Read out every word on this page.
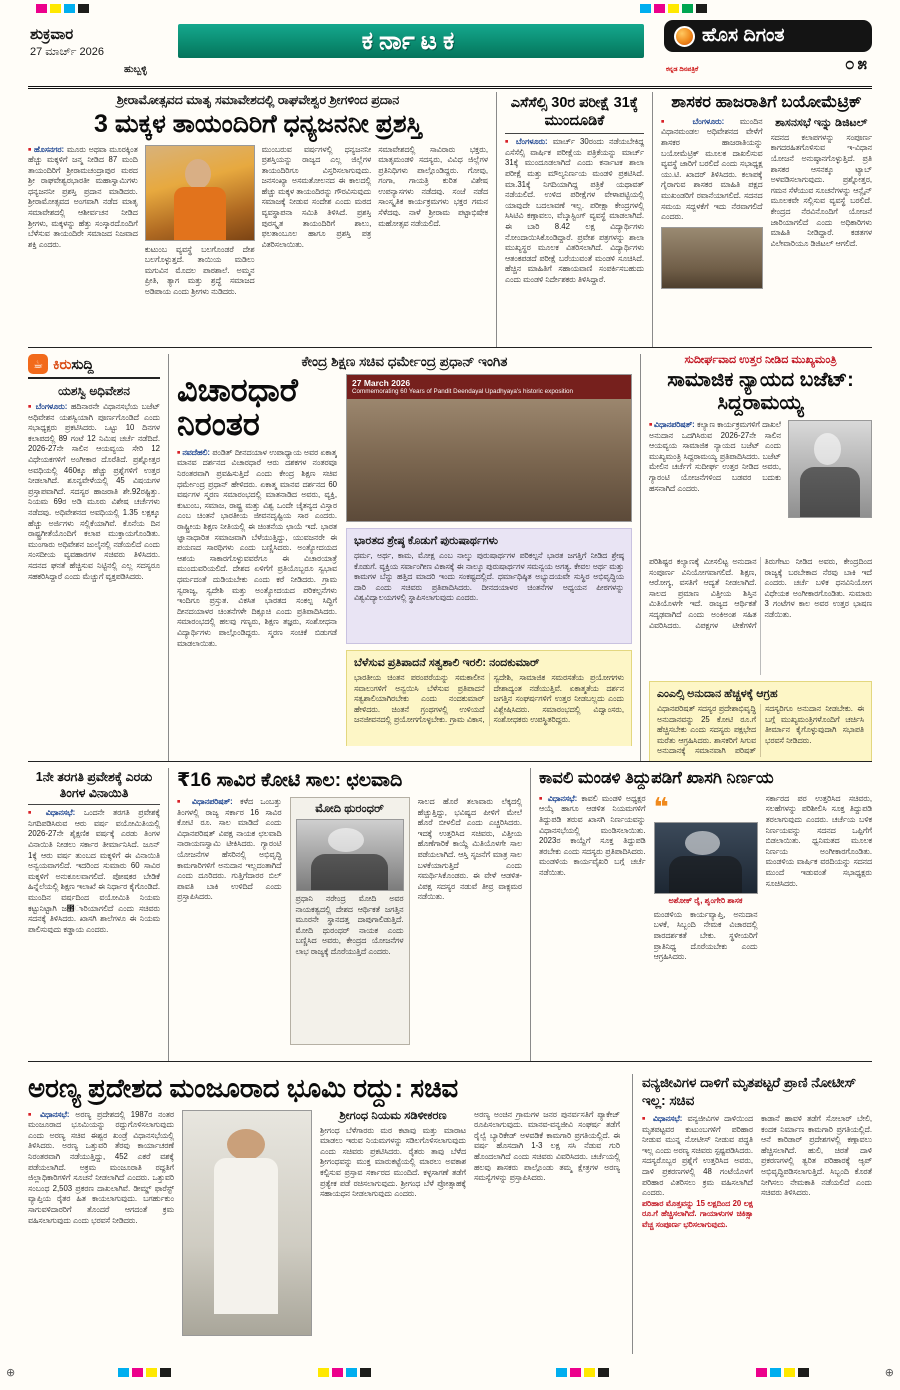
ಶುಕ್ರವಾರ
27 ಮಾರ್ಚ್ 2026
ಹುಬ್ಬಳ್ಳಿ
ಕರ್ನಾಟಕ	ಹೊಸ ದಿಗಂತ
ಕನ್ನಡ ದಿನಪತ್ರಿಕೆ	೦೫
ಶ್ರೀರಾಮೋತ್ಸವದ ಮಾತೃ ಸಮಾವೇಶದಲ್ಲಿ ರಾಘವೇಶ್ವರ ಶ್ರೀಗಳಿಂದ ಪ್ರದಾನ
3 ಮಕ್ಕಳ ತಾಯಂದಿರಿಗೆ ಧನ್ಯಜನನೀ ಪ್ರಶಸ್ತಿ

■ ಹೊಸನಗರ: ಮೂರು ಅಥವಾ ಮೂರಕ್ಕಿಂತ ಹೆಚ್ಚು ಮಕ್ಕಳಿಗೆ ಜನ್ಮ ನೀಡಿದ 87 ಮಂದಿ ತಾಯಂದಿರಿಗೆ ಶ್ರೀರಾಮಚಂದ್ರಾಪುರ ಮಠದ ಶ್ರೀ ರಾಘವೇಶ್ವರಭಾರತೀ ಮಹಾಸ್ವಾಮಿಗಳು ಧನ್ಯಜನನೀ ಪ್ರಶಸ್ತಿ ಪ್ರದಾನ ಮಾಡಿದರು. ಶ್ರೀರಾಮೋತ್ಸವದ ಅಂಗವಾಗಿ ನಡೆದ ಮಾತೃ ಸಮಾವೇಶದಲ್ಲಿ ಆಶೀರ್ವಚನ ನೀಡಿದ ಶ್ರೀಗಳು, ಮಕ್ಕಳನ್ನು ಹೆತ್ತು ಸಂಸ್ಕಾರದೊಂದಿಗೆ ಬೆಳೆಸುವ ತಾಯಂದಿರೇ ಸಮಾಜದ ನಿಜವಾದ ಶಕ್ತಿ ಎಂದರು.

ಕುಟುಂಬ ವ್ಯವಸ್ಥೆ ಬಲಗೊಂಡರೆ ದೇಶ ಬಲಗೊಳ್ಳುತ್ತದೆ. ತಾಯಿಯ ಮಡಿಲು ಮಗುವಿನ ಮೊದಲ ಪಾಠಶಾಲೆ. ಅಮ್ಮನ ಪ್ರೀತಿ, ತ್ಯಾಗ ಮತ್ತು ಶ್ರದ್ಧೆ ಸಮಾಜದ ಅಡಿಪಾಯ ಎಂದು ಶ್ರೀಗಳು ನುಡಿದರು.

ಮುಂಬರುವ ವರ್ಷಗಳಲ್ಲಿ ಧನ್ಯಜನನೀ ಪ್ರಶಸ್ತಿಯನ್ನು ರಾಜ್ಯದ ಎಲ್ಲ ಜಿಲ್ಲೆಗಳ ತಾಯಂದಿರಿಗೂ ವಿಸ್ತರಿಸಲಾಗುವುದು. ಜನಸಂಖ್ಯಾ ಅಸಮತೋಲನದ ಈ ಕಾಲದಲ್ಲಿ ಹೆಚ್ಚು ಮಕ್ಕಳ ತಾಯಂದಿರನ್ನು ಗೌರವಿಸುವುದು ಸಮಾಜಕ್ಕೆ ನೀಡುವ ಸಂದೇಶ ಎಂದು ಮಠದ ವ್ಯವಸ್ಥಾಪನಾ ಸಮಿತಿ ತಿಳಿಸಿದೆ. ಪ್ರಶಸ್ತಿ ಪುರಸ್ಕೃತ ತಾಯಂದಿರಿಗೆ ಶಾಲು, ಫಲತಾಂಬೂಲ ಹಾಗೂ ಪ್ರಶಸ್ತಿ ಪತ್ರ ವಿತರಿಸಲಾಯಿತು.

ಸಮಾವೇಶದಲ್ಲಿ ಸಾವಿರಾರು ಭಕ್ತರು, ಮಾತೃಮಂಡಳಿ ಸದಸ್ಯರು, ವಿವಿಧ ಜಿಲ್ಲೆಗಳ ಪ್ರತಿನಿಧಿಗಳು ಪಾಲ್ಗೊಂಡಿದ್ದರು. ಗೋವು, ಗಂಗಾ, ಗಾಯತ್ರಿ ಕುರಿತ ವಿಶೇಷ ಉಪನ್ಯಾಸಗಳು ನಡೆದವು. ಸಂಜೆ ನಡೆದ ಸಾಂಸ್ಕೃತಿಕ ಕಾರ್ಯಕ್ರಮಗಳು ಭಕ್ತರ ಗಮನ ಸೆಳೆದವು. ನಾಳೆ ಶ್ರೀರಾಮ ಪಟ್ಟಾಭಿಷೇಕ ಮಹೋತ್ಸವ ನಡೆಯಲಿದೆ.

ಎಸೆಸೆಲ್ಸಿ 30ರ ಪರೀಕ್ಷೆ 31ಕ್ಕೆ ಮುಂದೂಡಿಕೆ

■ ಬೆಂಗಳೂರು: ಮಾರ್ಚ್ 30ರಂದು ನಡೆಯಬೇಕಿದ್ದ ಎಸೆಸೆಲ್ಸಿ ವಾರ್ಷಿಕ ಪರೀಕ್ಷೆಯ ಪತ್ರಿಕೆಯನ್ನು ಮಾರ್ಚ್ 31ಕ್ಕೆ ಮುಂದೂಡಲಾಗಿದೆ ಎಂದು ಕರ್ನಾಟಕ ಶಾಲಾ ಪರೀಕ್ಷೆ ಮತ್ತು ಮೌಲ್ಯನಿರ್ಣಯ ಮಂಡಳಿ ಪ್ರಕಟಿಸಿದೆ. ಮಾ.31ಕ್ಕೆ ನಿಗದಿಯಾಗಿದ್ದ ಪತ್ರಿಕೆ ಯಥಾವತ್ ನಡೆಯಲಿದೆ. ಉಳಿದ ಪರೀಕ್ಷೆಗಳ ವೇಳಾಪಟ್ಟಿಯಲ್ಲಿ ಯಾವುದೇ ಬದಲಾವಣೆ ಇಲ್ಲ. ಪರೀಕ್ಷಾ ಕೇಂದ್ರಗಳಲ್ಲಿ ಸಿಸಿಟಿವಿ ಕಣ್ಗಾವಲು, ವೆಬ್ಕಾಸ್ಟಿಂಗ್ ವ್ಯವಸ್ಥೆ ಮಾಡಲಾಗಿದೆ. ಈ ಬಾರಿ 8.42 ಲಕ್ಷ ವಿದ್ಯಾರ್ಥಿಗಳು ನೋಂದಾಯಿಸಿಕೊಂಡಿದ್ದಾರೆ. ಪ್ರವೇಶ ಪತ್ರಗಳನ್ನು ಶಾಲಾ ಮುಖ್ಯಸ್ಥರ ಮೂಲಕ ವಿತರಿಸಲಾಗಿದೆ. ವಿದ್ಯಾರ್ಥಿಗಳು ಆತಂಕಪಡದೆ ಪರೀಕ್ಷೆ ಬರೆಯುವಂತೆ ಮಂಡಳಿ ಸೂಚಿಸಿದೆ. ಹೆಚ್ಚಿನ ಮಾಹಿತಿಗೆ ಸಹಾಯವಾಣಿ ಸಂಪರ್ಕಿಸಬಹುದು ಎಂದು ಮಂಡಳಿ ನಿರ್ದೇಶಕರು ತಿಳಿಸಿದ್ದಾರೆ.

ಶಾಸಕರ ಹಾಜರಾತಿಗೆ ಬಯೋಮೆಟ್ರಿಕ್

■ ಬೆಂಗಳೂರು: ಮುಂದಿನ ವಿಧಾನಮಂಡಲ ಅಧಿವೇಶನದ ವೇಳೆಗೆ ಶಾಸಕರ ಹಾಜರಾತಿಯನ್ನು ಬಯೋಮೆಟ್ರಿಕ್ ಮೂಲಕ ದಾಖಲಿಸುವ ವ್ಯವಸ್ಥೆ ಜಾರಿಗೆ ಬರಲಿದೆ ಎಂದು ಸಭಾಧ್ಯಕ್ಷ ಯು.ಟಿ. ಖಾದರ್ ತಿಳಿಸಿದರು. ಕಲಾಪಕ್ಕೆ ಗೈರಾಗುವ ಶಾಸಕರ ಮಾಹಿತಿ ಪಕ್ಷದ ಮುಖಂಡರಿಗೆ ರವಾನೆಯಾಗಲಿದೆ. ಸದನದ ಸಮಯ ಸದ್ಬಳಕೆಗೆ ಇದು ನೆರವಾಗಲಿದೆ ಎಂದರು.

ಶಾಸನಸಭೆ ಇನ್ನು ಡಿಜಿಟಲ್

ಸದನದ ಕಲಾಪಗಳನ್ನು ಸಂಪೂರ್ಣ ಕಾಗದರಹಿತಗೊಳಿಸುವ ಇ-ವಿಧಾನ ಯೋಜನೆ ಅನುಷ್ಠಾನಗೊಳ್ಳುತ್ತಿದೆ. ಪ್ರತಿ ಶಾಸಕರ ಆಸನಕ್ಕೂ ಟ್ಯಾಬ್ ಅಳವಡಿಸಲಾಗುವುದು. ಪ್ರಶ್ನೋತ್ತರ, ಗಮನ ಸೆಳೆಯುವ ಸೂಚನೆಗಳನ್ನು ಆನ್ಲೈನ್ ಮೂಲಕವೇ ಸಲ್ಲಿಸುವ ವ್ಯವಸ್ಥೆ ಬರಲಿದೆ. ಕೇಂದ್ರದ ನೆರವಿನೊಂದಿಗೆ ಯೋಜನೆ ಜಾರಿಯಾಗಲಿದೆ ಎಂದು ಅಧಿಕಾರಿಗಳು ಮಾಹಿತಿ ನೀಡಿದ್ದಾರೆ. ಕಡತಗಳ ವಿಲೇವಾರಿಯೂ ಡಿಜಿಟಲ್ ಆಗಲಿದೆ.

☕ ಕಿರುಸುದ್ದಿ
ಯಶಸ್ವಿ ಅಧಿವೇಶನ

■ ಬೆಂಗಳೂರು: ಹದಿನಾರನೇ ವಿಧಾನಸಭೆಯ ಬಜೆಟ್ ಅಧಿವೇಶನ ಯಶಸ್ವಿಯಾಗಿ ಪೂರ್ಣಗೊಂಡಿದೆ ಎಂದು ಸಭಾಧ್ಯಕ್ಷರು ಪ್ರಕಟಿಸಿದರು. ಒಟ್ಟು 10 ದಿನಗಳ ಕಲಾಪದಲ್ಲಿ 89 ಗಂಟೆ 12 ನಿಮಿಷ ಚರ್ಚೆ ನಡೆದಿದೆ. 2026-27ನೇ ಸಾಲಿನ ಆಯವ್ಯಯ ಸೇರಿ 12 ವಿಧೇಯಕಗಳಿಗೆ ಅಂಗೀಕಾರ ದೊರೆತಿದೆ. ಪ್ರಶ್ನೋತ್ತರ ಅವಧಿಯಲ್ಲಿ 460ಕ್ಕೂ ಹೆಚ್ಚು ಪ್ರಶ್ನೆಗಳಿಗೆ ಉತ್ತರ ನೀಡಲಾಗಿದೆ. ಶೂನ್ಯವೇಳೆಯಲ್ಲಿ 45 ವಿಷಯಗಳ ಪ್ರಸ್ತಾಪವಾಗಿದೆ. ಸದಸ್ಯರ ಹಾಜರಾತಿ ಶೇ.92ರಷ್ಟಿತ್ತು. ನಿಯಮ 69ರ ಅಡಿ ಮೂರು ವಿಶೇಷ ಚರ್ಚೆಗಳು ನಡೆದವು. ಅಧಿವೇಶನದ ಅವಧಿಯಲ್ಲಿ 1.35 ಲಕ್ಷಕ್ಕೂ ಹೆಚ್ಚು ಅರ್ಜಿಗಳು ಸಲ್ಲಿಕೆಯಾಗಿವೆ. ಕೊನೆಯ ದಿನ ರಾಷ್ಟ್ರಗೀತೆಯೊಂದಿಗೆ ಕಲಾಪ ಮುಕ್ತಾಯಗೊಂಡಿತು. ಮುಂಗಾರು ಅಧಿವೇಶನ ಜುಲೈನಲ್ಲಿ ನಡೆಯಲಿದೆ ಎಂದು ಸಂಸದೀಯ ವ್ಯವಹಾರಗಳ ಸಚಿವರು ತಿಳಿಸಿದರು. ಸದನದ ಘನತೆ ಹೆಚ್ಚಿಸುವ ನಿಟ್ಟಿನಲ್ಲಿ ಎಲ್ಲ ಸದಸ್ಯರೂ ಸಹಕರಿಸಿದ್ದಾರೆ ಎಂದು ಮೆಚ್ಚುಗೆ ವ್ಯಕ್ತಪಡಿಸಿದರು.

ಕೇಂದ್ರ ಶಿಕ್ಷಣ ಸಚಿವ ಧರ್ಮೇಂದ್ರ ಪ್ರಧಾನ್ ಇಂಗಿತ
ವಿಚಾರಧಾರೆ ನಿರಂತರ

■ ನವದೆಹಲಿ: ಪಂಡಿತ್ ದೀನದಯಾಳ ಉಪಾಧ್ಯಾಯ ಅವರ ಏಕಾತ್ಮ ಮಾನವ ದರ್ಶನದ ವಿಚಾರಧಾರೆ ಆರು ದಶಕಗಳ ನಂತರವೂ ನಿರಂತರವಾಗಿ ಪ್ರವಹಿಸುತ್ತಿದೆ ಎಂದು ಕೇಂದ್ರ ಶಿಕ್ಷಣ ಸಚಿವ ಧರ್ಮೇಂದ್ರ ಪ್ರಧಾನ್ ಹೇಳಿದರು. ಏಕಾತ್ಮ ಮಾನವ ದರ್ಶನದ 60 ವರ್ಷಗಳ ಸ್ಮರಣ ಸಮಾರಂಭದಲ್ಲಿ ಮಾತನಾಡಿದ ಅವರು, ವ್ಯಕ್ತಿ, ಕುಟುಂಬ, ಸಮಾಜ, ರಾಷ್ಟ್ರ ಮತ್ತು ವಿಶ್ವ ಒಂದೇ ಚೈತನ್ಯದ ವಿಸ್ತಾರ ಎಂಬ ಚಿಂತನೆ ಭಾರತೀಯ ಜೀವನದೃಷ್ಟಿಯ ಸಾರ ಎಂದರು. ರಾಷ್ಟ್ರೀಯ ಶಿಕ್ಷಣ ನೀತಿಯಲ್ಲಿ ಈ ಚಿಂತನೆಯ ಛಾಯೆ ಇದೆ. ಭಾರತ ಜ್ಞಾನಾಧಾರಿತ ಸಮಾಜವಾಗಿ ಬೆಳೆಯುತ್ತಿದ್ದು, ಯುವಜನರೇ ಈ ಪಯಣದ ಸಾರಥಿಗಳು ಎಂದು ಬಣ್ಣಿಸಿದರು. ಅಂತ್ಯೋದಯದ ಆಶಯ ಸಾಕಾರಗೊಳ್ಳುವವರೆಗೂ ಈ ವಿಚಾರಯಾತ್ರೆ ಮುಂದುವರಿಯಲಿದೆ. ದೇಶದ ಏಳಿಗೆಗೆ ಪ್ರತಿಯೊಬ್ಬರೂ ಸ್ವಭಾವ ಧರ್ಮದಂತೆ ದುಡಿಯಬೇಕು ಎಂದು ಕರೆ ನೀಡಿದರು. ಗ್ರಾಮ ಸ್ವರಾಜ್ಯ, ಸ್ವದೇಶಿ ಮತ್ತು ಅಂತ್ಯೋದಯದ ಪರಿಕಲ್ಪನೆಗಳು ಇಂದಿಗೂ ಪ್ರಸ್ತುತ. ವಿಕಸಿತ ಭಾರತದ ಸಂಕಲ್ಪ ಸಿದ್ಧಿಗೆ ದೀನದಯಾಳರ ಚಿಂತನೆಗಳೇ ದಿಕ್ಸೂಚಿ ಎಂದು ಪ್ರತಿಪಾದಿಸಿದರು. ಸಮಾರಂಭದಲ್ಲಿ ಹಲವು ಗಣ್ಯರು, ಶಿಕ್ಷಣ ತಜ್ಞರು, ಸಂಶೋಧನಾ ವಿದ್ಯಾರ್ಥಿಗಳು ಪಾಲ್ಗೊಂಡಿದ್ದರು. ಸ್ಮರಣ ಸಂಚಿಕೆ ಬಿಡುಗಡೆ ಮಾಡಲಾಯಿತು.

27 March 2026
Commemorating 60 Years of Pandit Deendayal Upadhyaya's historic exposition
ಭಾರತದ ಶ್ರೇಷ್ಠ ಕೊಡುಗೆ ಪುರುಷಾರ್ಥಗಳು

ಧರ್ಮ, ಅರ್ಥ, ಕಾಮ, ಮೋಕ್ಷ ಎಂಬ ನಾಲ್ಕು ಪುರುಷಾರ್ಥಗಳ ಪರಿಕಲ್ಪನೆ ಭಾರತ ಜಗತ್ತಿಗೆ ನೀಡಿದ ಶ್ರೇಷ್ಠ ಕೊಡುಗೆ. ವ್ಯಕ್ತಿಯ ಸರ್ವಾಂಗೀಣ ವಿಕಾಸಕ್ಕೆ ಈ ನಾಲ್ಕೂ ಪುರುಷಾರ್ಥಗಳ ಸಮನ್ವಯ ಅಗತ್ಯ. ಕೇವಲ ಅರ್ಥ ಮತ್ತು ಕಾಮಗಳ ಬೆನ್ನು ಹತ್ತಿದ ಮಾದರಿ ಇಂದು ಸಂಕಷ್ಟದಲ್ಲಿದೆ. ಧರ್ಮಾಧಿಷ್ಠಿತ ಅಭ್ಯುದಯವೇ ಸುಸ್ಥಿರ ಅಭಿವೃದ್ಧಿಯ ದಾರಿ ಎಂದು ಸಚಿವರು ಪ್ರತಿಪಾದಿಸಿದರು. ದೀನದಯಾಳರ ಚಿಂತನೆಗಳ ಅಧ್ಯಯನ ಪೀಠಗಳನ್ನು ವಿಶ್ವವಿದ್ಯಾಲಯಗಳಲ್ಲಿ ಸ್ಥಾಪಿಸಲಾಗುವುದು ಎಂದರು.

ಬೆಳೆಸುವ ಪ್ರತಿಪಾದನೆ ಸತ್ವಶಾಲಿ ಇರಲಿ: ನಂದಕುಮಾರ್

ಭಾರತೀಯ ಚಿಂತನ ಪರಂಪರೆಯನ್ನು ಸಮಕಾಲೀನ ಸವಾಲುಗಳಿಗೆ ಅನ್ವಯಿಸಿ ಬೆಳೆಸುವ ಪ್ರತಿಪಾದನೆ ಸತ್ವಶಾಲಿಯಾಗಿರಬೇಕು ಎಂದು ನಂದಕುಮಾರ್ ಹೇಳಿದರು. ಚಿಂತನೆ ಗ್ರಂಥಗಳಲ್ಲಿ ಉಳಿಯದೆ ಜನಜೀವನದಲ್ಲಿ ಪ್ರಯೋಗಗೊಳ್ಳಬೇಕು. ಗ್ರಾಮ ವಿಕಾಸ, ಸ್ವದೇಶಿ, ಸಾಮಾಜಿಕ ಸಮರಸತೆಯ ಪ್ರಯೋಗಗಳು ದೇಶಾದ್ಯಂತ ನಡೆಯುತ್ತಿವೆ. ಏಕಾತ್ಮತೆಯ ದರ್ಶನ ಜಗತ್ತಿನ ಸಂಘರ್ಷಗಳಿಗೆ ಉತ್ತರ ನೀಡಬಲ್ಲದು ಎಂದು ವಿಶ್ಲೇಷಿಸಿದರು. ಸಮಾರಂಭದಲ್ಲಿ ವಿದ್ವಾಂಸರು, ಸಂಶೋಧಕರು ಉಪಸ್ಥಿತರಿದ್ದರು.

ಸುದೀರ್ಘವಾದ ಉತ್ತರ ನೀಡಿದ ಮುಖ್ಯಮಂತ್ರಿ
ಸಾಮಾಜಿಕ ನ್ಯಾಯದ ಬಜೆಟ್: ಸಿದ್ದರಾಮಯ್ಯ

■ ವಿಧಾನಪರಿಷತ್: ಕಲ್ಯಾಣ ಕಾರ್ಯಕ್ರಮಗಳಿಗೆ ದಾಖಲೆ ಅನುದಾನ ಒದಗಿಸಿರುವ 2026-27ನೇ ಸಾಲಿನ ಆಯವ್ಯಯ ಸಾಮಾಜಿಕ ನ್ಯಾಯದ ಬಜೆಟ್ ಎಂದು ಮುಖ್ಯಮಂತ್ರಿ ಸಿದ್ದರಾಮಯ್ಯ ಪ್ರತಿಪಾದಿಸಿದರು. ಬಜೆಟ್ ಮೇಲಿನ ಚರ್ಚೆಗೆ ಸುದೀರ್ಘ ಉತ್ತರ ನೀಡಿದ ಅವರು, ಗ್ಯಾರಂಟಿ ಯೋಜನೆಗಳಿಂದ ಬಡವರ ಬದುಕು ಹಸನಾಗಿದೆ ಎಂದರು.

ಪರಿಶಿಷ್ಟರ ಕಲ್ಯಾಣಕ್ಕೆ ಮೀಸಲಿಟ್ಟ ಅನುದಾನ ಸಂಪೂರ್ಣ ವಿನಿಯೋಗವಾಗಲಿದೆ. ಶಿಕ್ಷಣ, ಆರೋಗ್ಯ, ವಸತಿಗೆ ಆದ್ಯತೆ ನೀಡಲಾಗಿದೆ. ಸಾಲದ ಪ್ರಮಾಣ ವಿತ್ತೀಯ ಶಿಸ್ತಿನ ಮಿತಿಯೊಳಗೇ ಇದೆ. ರಾಜ್ಯದ ಆರ್ಥಿಕತೆ ಸದೃಢವಾಗಿದೆ ಎಂದು ಅಂಕಿಅಂಶ ಸಹಿತ ವಿವರಿಸಿದರು. ವಿಪಕ್ಷಗಳ ಟೀಕೆಗಳಿಗೆ ತಿರುಗೇಟು ನೀಡಿದ ಅವರು, ಕೇಂದ್ರದಿಂದ ರಾಜ್ಯಕ್ಕೆ ಬರಬೇಕಾದ ನೆರವು ಬಾಕಿ ಇದೆ ಎಂದರು. ಚರ್ಚೆ ಬಳಿಕ ಧನವಿನಿಯೋಗ ವಿಧೇಯಕ ಅಂಗೀಕಾರಗೊಂಡಿತು. ಸುಮಾರು 3 ಗಂಟೆಗಳ ಕಾಲ ಅವರ ಉತ್ತರ ಭಾಷಣ ನಡೆಯಿತು.

ಎಂಎಲ್ಸಿ ಅನುದಾನ ಹೆಚ್ಚಳಕ್ಕೆ ಆಗ್ರಹ

ವಿಧಾನಪರಿಷತ್ ಸದಸ್ಯರ ಪ್ರದೇಶಾಭಿವೃದ್ಧಿ ಅನುದಾನವನ್ನು 25 ಕೋಟಿ ರೂ.ಗೆ ಹೆಚ್ಚಿಸಬೇಕು ಎಂದು ಸದಸ್ಯರು ಪಕ್ಷಭೇದ ಮರೆತು ಆಗ್ರಹಿಸಿದರು. ಶಾಸಕರಿಗೆ ಸಿಗುವ ಅನುದಾನಕ್ಕೆ ಸಮಾನವಾಗಿ ಪರಿಷತ್ ಸದಸ್ಯರಿಗೂ ಅನುದಾನ ನೀಡಬೇಕು. ಈ ಬಗ್ಗೆ ಮುಖ್ಯಮಂತ್ರಿಗಳೊಂದಿಗೆ ಚರ್ಚಿಸಿ ತೀರ್ಮಾನ ಕೈಗೊಳ್ಳುವುದಾಗಿ ಸಭಾಪತಿ ಭರವಸೆ ನೀಡಿದರು.

1ನೇ ತರಗತಿ ಪ್ರವೇಶಕ್ಕೆ ಎರಡು ತಿಂಗಳ ವಿನಾಯಿತಿ

■ ವಿಧಾನಸಭೆ: ಒಂದನೇ ತರಗತಿ ಪ್ರವೇಶಕ್ಕೆ ನಿಗದಿಪಡಿಸಿರುವ ಆರು ವರ್ಷ ವಯೋಮಿತಿಯಲ್ಲಿ 2026-27ನೇ ಶೈಕ್ಷಣಿಕ ವರ್ಷಕ್ಕೆ ಎರಡು ತಿಂಗಳ ವಿನಾಯಿತಿ ನೀಡಲು ಸರ್ಕಾರ ತೀರ್ಮಾನಿಸಿದೆ. ಜೂನ್ 1ಕ್ಕೆ ಆರು ವರ್ಷ ತುಂಬದ ಮಕ್ಕಳಿಗೆ ಈ ವಿನಾಯಿತಿ ಅನ್ವಯವಾಗಲಿದೆ. ಇದರಿಂದ ಸುಮಾರು 60 ಸಾವಿರ ಮಕ್ಕಳಿಗೆ ಅನುಕೂಲವಾಗಲಿದೆ. ಪೋಷಕರ ಬೇಡಿಕೆ ಹಿನ್ನೆಲೆಯಲ್ಲಿ ಶಿಕ್ಷಣ ಇಲಾಖೆ ಈ ನಿರ್ಧಾರ ಕೈಗೊಂಡಿದೆ. ಮುಂದಿನ ವರ್ಷದಿಂದ ವಯೋಮಿತಿ ನಿಯಮ ಕಟ್ಟುನಿಟ್ಟಾಗಿ ಜ಻ಾರಿಯಾಗಲಿದೆ ಎಂದು ಸಚಿವರು ಸದನಕ್ಕೆ ತಿಳಿಸಿದರು. ಖಾಸಗಿ ಶಾಲೆಗಳೂ ಈ ನಿಯಮ ಪಾಲಿಸುವುದು ಕಡ್ಡಾಯ ಎಂದರು.

₹16 ಸಾವಿರ ಕೋಟಿ ಸಾಲ: ಛಲವಾದಿ

■ ವಿಧಾನಪರಿಷತ್: ಕಳೆದ ಒಂಬತ್ತು ತಿಂಗಳಲ್ಲಿ ರಾಜ್ಯ ಸರ್ಕಾರ 16 ಸಾವಿರ ಕೋಟಿ ರೂ. ಸಾಲ ಮಾಡಿದೆ ಎಂದು ವಿಧಾನಪರಿಷತ್ ವಿಪಕ್ಷ ನಾಯಕ ಛಲವಾದಿ ನಾರಾಯಣಸ್ವಾಮಿ ಟೀಕಿಸಿದರು. ಗ್ಯಾರಂಟಿ ಯೋಜನೆಗಳ ಹೆಸರಿನಲ್ಲಿ ಅಭಿವೃದ್ಧಿ ಕಾಮಗಾರಿಗಳಿಗೆ ಅನುದಾನ ಇಲ್ಲದಂತಾಗಿದೆ ಎಂದು ದೂರಿದರು. ಗುತ್ತಿಗೆದಾರರ ಬಿಲ್ ಪಾವತಿ ಬಾಕಿ ಉಳಿದಿದೆ ಎಂದು ಪ್ರಸ್ತಾಪಿಸಿದರು.

ಮೋದಿ ಥುರಂಧರ್

ಪ್ರಧಾನಿ ನರೇಂದ್ರ ಮೋದಿ ಅವರ ನಾಯಕತ್ವದಲ್ಲಿ ದೇಶದ ಆರ್ಥಿಕತೆ ಜಗತ್ತಿನ ಮೂರನೇ ಸ್ಥಾನದತ್ತ ದಾಪುಗಾಲಿಡುತ್ತಿದೆ. ಮೋದಿ ಥುರಂಧರ್ ನಾಯಕ ಎಂದು ಬಣ್ಣಿಸಿದ ಅವರು, ಕೇಂದ್ರದ ಯೋಜನೆಗಳ ಲಾಭ ರಾಜ್ಯಕ್ಕೆ ದೊರೆಯುತ್ತಿದೆ ಎಂದರು.

ಸಾಲದ ಹೊರೆ ತಲಾವಾರು ಲೆಕ್ಕದಲ್ಲಿ ಹೆಚ್ಚುತ್ತಿದ್ದು, ಭವಿಷ್ಯದ ಪೀಳಿಗೆ ಮೇಲೆ ಹೊರೆ ಬೀಳಲಿದೆ ಎಂದು ಎಚ್ಚರಿಸಿದರು. ಇದಕ್ಕೆ ಉತ್ತರಿಸಿದ ಸಚಿವರು, ವಿತ್ತೀಯ ಹೊಣೆಗಾರಿಕೆ ಕಾಯ್ದೆ ಮಿತಿಯೊಳಗೇ ಸಾಲ ಪಡೆಯಲಾಗಿದೆ. ಆಸ್ತಿ ಸೃಜನೆಗೆ ಮಾತ್ರ ಸಾಲ ಬಳಕೆಯಾಗುತ್ತಿದೆ ಎಂದು ಸಮರ್ಥಿಸಿಕೊಂಡರು. ಈ ವೇಳೆ ಆಡಳಿತ-ವಿಪಕ್ಷ ಸದಸ್ಯರ ನಡುವೆ ತೀವ್ರ ವಾಕ್ಸಮರ ನಡೆಯಿತು.

ಕಾವಲಿ ಮಂಡಳಿ ತಿದ್ದುಪಡಿಗೆ ಖಾಸಗಿ ನಿರ್ಣಯ

■ ವಿಧಾನಸಭೆ: ಕಾವಲಿ ಮಂಡಳಿ ಅಧ್ಯಕ್ಷರ ಆಯ್ಕೆ ಹಾಗೂ ಆಡಳಿತ ನಿಯಮಗಳಿಗೆ ತಿದ್ದುಪಡಿ ತರುವ ಖಾಸಗಿ ನಿರ್ಣಯವನ್ನು ವಿಧಾನಸಭೆಯಲ್ಲಿ ಮಂಡಿಸಲಾಯಿತು. 2023ರ ಕಾಯ್ದೆಗೆ ಸೂಕ್ತ ತಿದ್ದುಪಡಿ ತರಬೇಕು ಎಂದು ಸದಸ್ಯರು ಪ್ರತಿಪಾದಿಸಿದರು. ಮಂಡಳಿಯ ಕಾರ್ಯವೈಖರಿ ಬಗ್ಗೆ ಚರ್ಚೆ ನಡೆಯಿತು.

❝
ಅಶೋಕ್ ರೈ, ಶೃಂಗೇರಿ ಶಾಸಕ

ಮಂಡಳಿಯ ಕಾರ್ಯವ್ಯಾಪ್ತಿ, ಅನುದಾನ ಬಳಕೆ, ಸಿಬ್ಬಂದಿ ನೇಮಕ ವಿಚಾರದಲ್ಲಿ ಪಾರದರ್ಶಕತೆ ಬೇಕು. ಸ್ಥಳೀಯರಿಗೆ ಪ್ರಾತಿನಿಧ್ಯ ದೊರೆಯಬೇಕು ಎಂದು ಆಗ್ರಹಿಸಿದರು.

ಸರ್ಕಾರದ ಪರ ಉತ್ತರಿಸಿದ ಸಚಿವರು, ಸಲಹೆಗಳನ್ನು ಪರಿಶೀಲಿಸಿ ಸೂಕ್ತ ತಿದ್ದುಪಡಿ ತರಲಾಗುವುದು ಎಂದರು. ಚರ್ಚೆಯ ಬಳಿಕ ನಿರ್ಣಯವನ್ನು ಸದನದ ಒಪ್ಪಿಗೆಗೆ ಬಿಡಲಾಯಿತು. ಧ್ವನಿಮತದ ಮೂಲಕ ನಿರ್ಣಯ ಅಂಗೀಕಾರಗೊಂಡಿತು. ಮಂಡಳಿಯ ವಾರ್ಷಿಕ ವರದಿಯನ್ನು ಸದನದ ಮುಂದೆ ಇಡುವಂತೆ ಸಭಾಧ್ಯಕ್ಷರು ಸೂಚಿಸಿದರು.

ಅರಣ್ಯ ಪ್ರದೇಶದ ಮಂಜೂರಾದ ಭೂಮಿ ರದ್ದು: ಸಚಿವ

■ ವಿಧಾನಸಭೆ: ಅರಣ್ಯ ಪ್ರದೇಶದಲ್ಲಿ 1987ರ ನಂತರ ಮಂಜೂರಾದ ಭೂಮಿಯನ್ನು ರದ್ದುಗೊಳಿಸಲಾಗುವುದು ಎಂದು ಅರಣ್ಯ ಸಚಿವ ಈಶ್ವರ ಖಂಡ್ರೆ ವಿಧಾನಸಭೆಯಲ್ಲಿ ತಿಳಿಸಿದರು. ಅರಣ್ಯ ಒತ್ತುವರಿ ತೆರವು ಕಾರ್ಯಾಚರಣೆ ನಿರಂತರವಾಗಿ ನಡೆಯುತ್ತಿದ್ದು, 452 ಎಕರೆ ವಶಕ್ಕೆ ಪಡೆಯಲಾಗಿದೆ. ಅಕ್ರಮ ಮಂಜೂರಾತಿ ರದ್ದತಿಗೆ ಜಿಲ್ಲಾಧಿಕಾರಿಗಳಿಗೆ ಸೂಚನೆ ನೀಡಲಾಗಿದೆ ಎಂದರು. ಒತ್ತುವರಿ ಸಂಬಂಧ 2,503 ಪ್ರಕರಣ ದಾಖಲಾಗಿವೆ. ಡೀಮ್ಡ್ ಫಾರೆಸ್ಟ್ ವ್ಯಾಪ್ತಿಯ ರೈತರ ಹಿತ ಕಾಯಲಾಗುವುದು. ಬಗರ್ಹುಕುಂ ಸಾಗುವಳಿದಾರರಿಗೆ ತೊಂದರೆ ಆಗದಂತೆ ಕ್ರಮ ವಹಿಸಲಾಗುವುದು ಎಂದು ಭರವಸೆ ನೀಡಿದರು.

ಶ್ರೀಗಂಧ ನಿಯಮ ಸಡಿಳೀಕರಣ

ಶ್ರೀಗಂಧ ಬೆಳೆಗಾರರು ಮರ ಕಟಾವು ಮತ್ತು ಮಾರಾಟ ಮಾಡಲು ಇರುವ ನಿಯಮಗಳನ್ನು ಸಡಿಲಗೊಳಿಸಲಾಗುವುದು ಎಂದು ಸಚಿವರು ಪ್ರಕಟಿಸಿದರು. ರೈತರು ತಾವು ಬೆಳೆದ ಶ್ರೀಗಂಧವನ್ನು ಮುಕ್ತ ಮಾರುಕಟ್ಟೆಯಲ್ಲಿ ಮಾರಲು ಅವಕಾಶ ಕಲ್ಪಿಸುವ ಪ್ರಸ್ತಾವ ಸರ್ಕಾರದ ಮುಂದಿದೆ. ಕಳ್ಳಸಾಗಣೆ ತಡೆಗೆ ಪ್ರತ್ಯೇಕ ಪಡೆ ರಚಿಸಲಾಗುವುದು. ಶ್ರೀಗಂಧ ಬೆಳೆ ಪ್ರೋತ್ಸಾಹಕ್ಕೆ ಸಹಾಯಧನ ನೀಡಲಾಗುವುದು ಎಂದರು.

ಅರಣ್ಯ ಅಂಚಿನ ಗ್ರಾಮಗಳ ಜನರ ಪುನರ್ವಸತಿಗೆ ಪ್ಯಾಕೇಜ್ ರೂಪಿಸಲಾಗುವುದು. ಮಾನವ-ವನ್ಯಜೀವಿ ಸಂಘರ್ಷ ತಡೆಗೆ ರೈಲ್ವೆ ಬ್ಯಾರಿಕೇಡ್ ಅಳವಡಿಕೆ ಕಾಮಗಾರಿ ಪ್ರಗತಿಯಲ್ಲಿದೆ. ಈ ವರ್ಷ ಹೊಸದಾಗಿ 1-3 ಲಕ್ಷ ಸಸಿ ನೆಡುವ ಗುರಿ ಹೊಂದಲಾಗಿದೆ ಎಂದು ಸಚಿವರು ವಿವರಿಸಿದರು. ಚರ್ಚೆಯಲ್ಲಿ ಹಲವು ಶಾಸಕರು ಪಾಲ್ಗೊಂಡು ತಮ್ಮ ಕ್ಷೇತ್ರಗಳ ಅರಣ್ಯ ಸಮಸ್ಯೆಗಳನ್ನು ಪ್ರಸ್ತಾಪಿಸಿದರು.

ವನ್ಯಜೀವಿಗಳ ದಾಳಿಗೆ ಮೃತಪಟ್ಟರೆ ಪ್ರಾಣಿ ನೋಟೀಸ್ ಇಲ್ಲ: ಸಚಿವ

■ ವಿಧಾನಸಭೆ: ವನ್ಯಜೀವಿಗಳ ದಾಳಿಯಿಂದ ಮೃತಪಟ್ಟವರ ಕುಟುಂಬಗಳಿಗೆ ಪರಿಹಾರ ನೀಡುವ ಮುನ್ನ ನೋಟೀಸ್ ನೀಡುವ ಪದ್ಧತಿ ಇಲ್ಲ ಎಂದು ಅರಣ್ಯ ಸಚಿವರು ಸ್ಪಷ್ಟಪಡಿಸಿದರು. ಸದಸ್ಯರೊಬ್ಬರ ಪ್ರಶ್ನೆಗೆ ಉತ್ತರಿಸಿದ ಅವರು, ದಾಳಿ ಪ್ರಕರಣಗಳಲ್ಲಿ 48 ಗಂಟೆಯೊಳಗೆ ಪರಿಹಾರ ವಿತರಿಸಲು ಕ್ರಮ ವಹಿಸಲಾಗಿದೆ ಎಂದರು.

ಪರಿಹಾರ ಮೊತ್ತವನ್ನು 15 ಲಕ್ಷದಿಂದ 20 ಲಕ್ಷ ರೂ.ಗೆ ಹೆಚ್ಚಿಸಲಾಗಿದೆ. ಗಾಯಾಳುಗಳ ಚಿಕಿತ್ಸಾ ವೆಚ್ಚ ಸಂಪೂರ್ಣ ಭರಿಸಲಾಗುವುದು.

ಕಾಡಾನೆ ಹಾವಳಿ ತಡೆಗೆ ಸೋಲಾರ್ ಬೇಲಿ, ಕಂದಕ ನಿರ್ಮಾಣ ಕಾಮಗಾರಿ ಪ್ರಗತಿಯಲ್ಲಿದೆ. ಆನೆ ಕಾರಿಡಾರ್ ಪ್ರದೇಶಗಳಲ್ಲಿ ಕಣ್ಗಾವಲು ಹೆಚ್ಚಿಸಲಾಗಿದೆ. ಹುಲಿ, ಚಿರತೆ ದಾಳಿ ಪ್ರಕರಣಗಳಲ್ಲಿ ತ್ವರಿತ ಪರಿಹಾರಕ್ಕೆ ಆ್ಯಪ್ ಅಭಿವೃದ್ಧಿಪಡಿಸಲಾಗುತ್ತಿದೆ. ಸಿಬ್ಬಂದಿ ಕೊರತೆ ನೀಗಿಸಲು ನೇಮಕಾತಿ ನಡೆಯಲಿದೆ ಎಂದು ಸಚಿವರು ತಿಳಿಸಿದರು.

⊕	⊕
